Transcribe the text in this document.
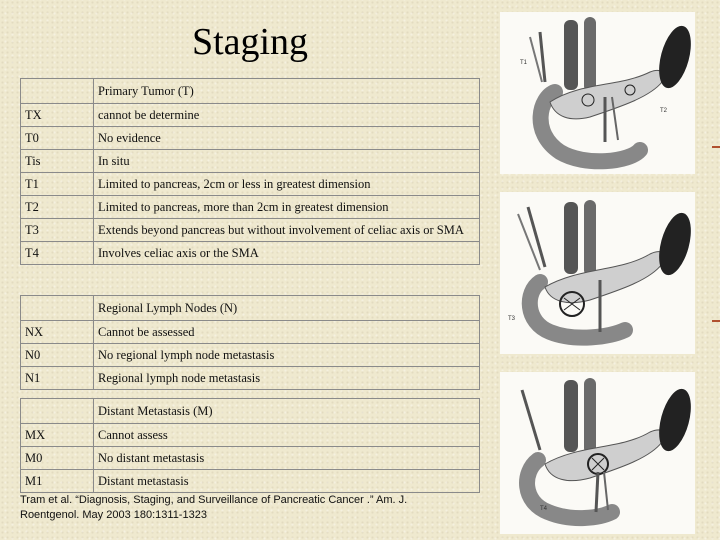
Staging
	Primary Tumor (T)
TX	cannot be determine
T0	No evidence
Tis	In situ
T1	Limited to pancreas, 2cm or less in greatest dimension
T2	Limited to pancreas, more than 2cm in greatest dimension
T3	Extends beyond pancreas but without involvement of celiac axis or SMA
T4	Involves celiac axis or the SMA
	Regional Lymph Nodes (N)
NX	Cannot be assessed
N0	No regional lymph node metastasis
N1	Regional lymph node metastasis
	Distant Metastasis (M)
MX	Cannot assess
M0	No distant metastasis
M1	Distant metastasis
Tram et al. “Diagnosis, Staging, and Surveillance of Pancreatic Cancer .” Am. J.
Roentgenol. May 2003 180:1311-1323
T1
T2
T3
T4
